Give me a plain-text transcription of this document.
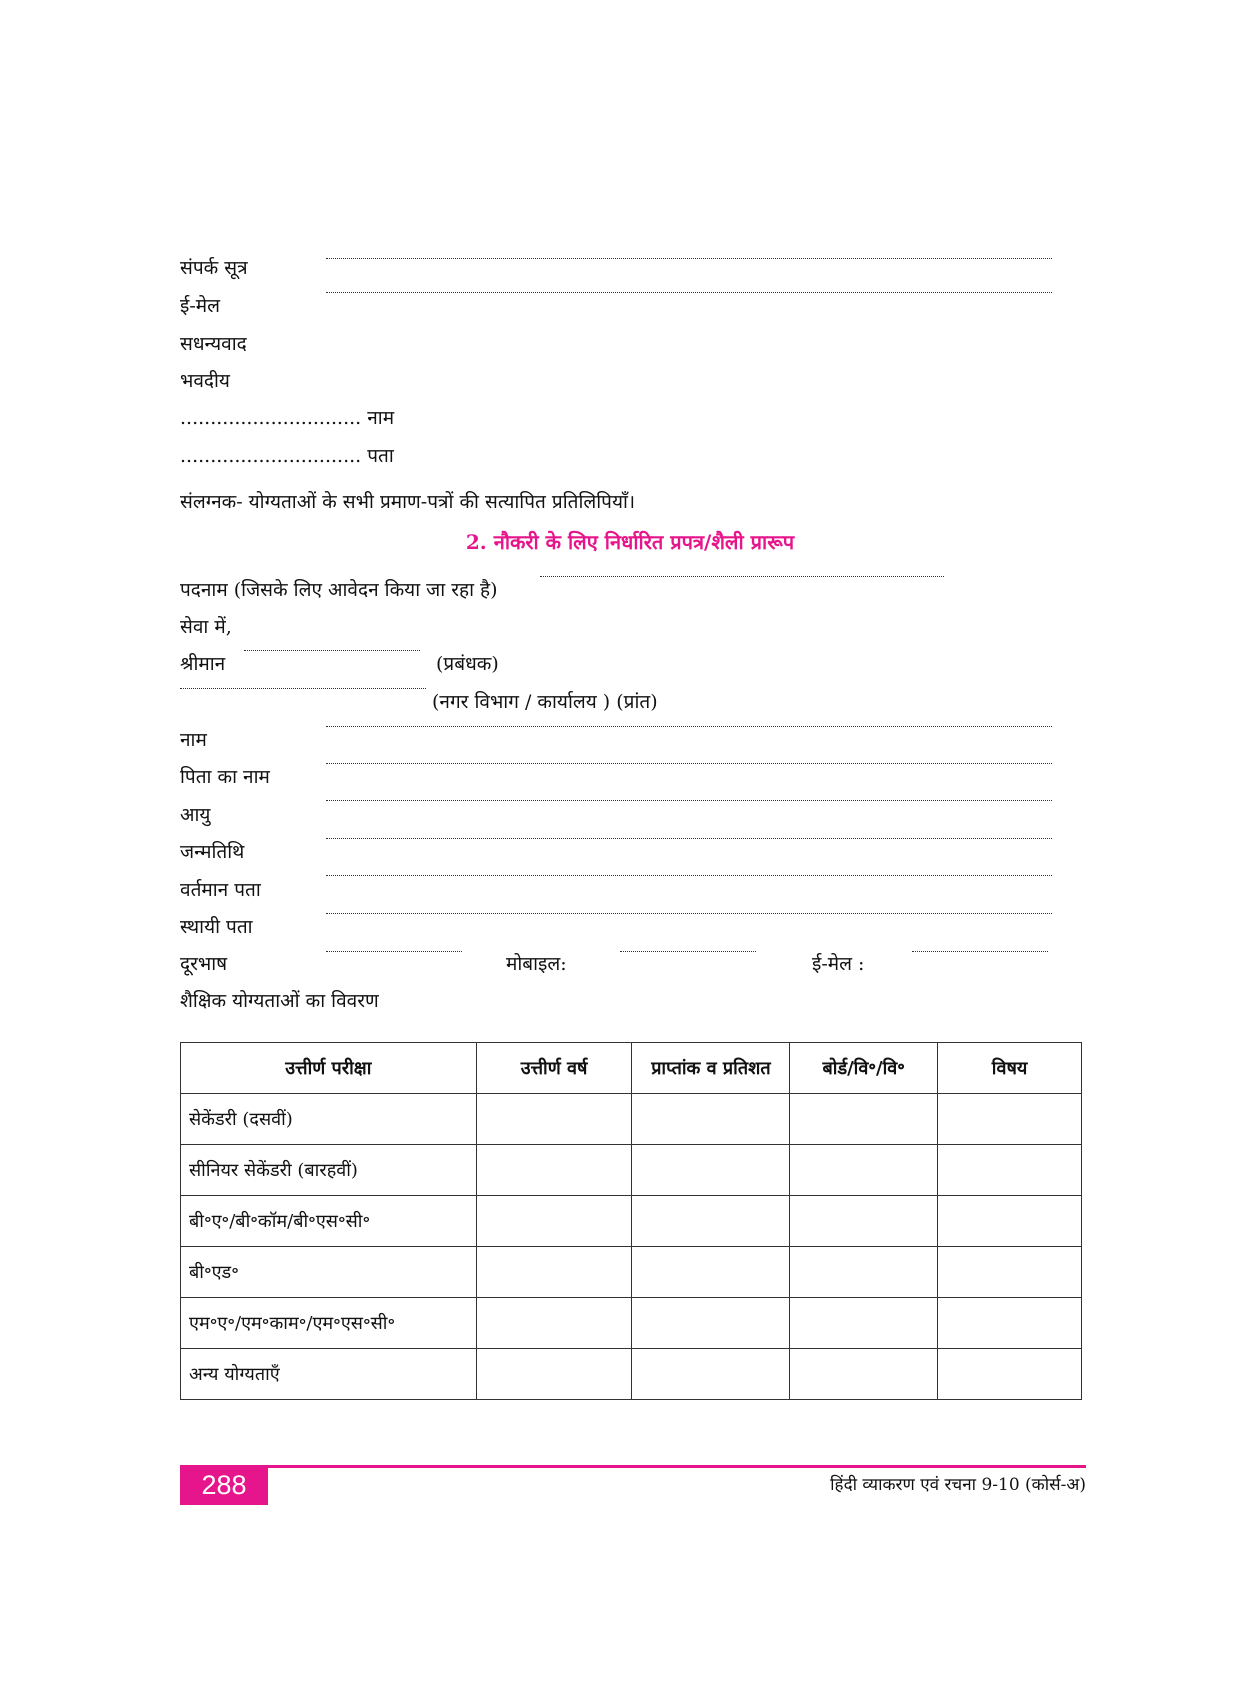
संपर्क सूत्र
ई-मेल
सधन्यवाद
भवदीय
.............................. नाम
.............................. पता
संलग्नक- योग्यताओं के सभी प्रमाण-पत्रों की सत्यापित प्रतिलिपियाँ।
2. नौकरी के लिए निर्धारित प्रपत्र/शैली प्रारूप
पदनाम (जिसके लिए आवेदन किया जा रहा है)
सेवा में,
श्रीमान	(प्रबंधक)
(नगर विभाग / कार्यालय ) (प्रांत)
नाम
पिता का नाम
आयु
जन्मतिथि
वर्तमान पता
स्थायी पता
दूरभाष	मोबाइल:	ई-मेल :
शैक्षिक योग्यताओं का विवरण
उत्तीर्ण परीक्षा	उत्तीर्ण वर्ष	प्राप्तांक व प्रतिशत	बोर्ड/वि॰/वि॰	विषय
सेकेंडरी (दसवीं)				
सीनियर सेकेंडरी (बारहवीं)				
बी॰ए॰/बी॰कॉम/बी॰एस॰सी॰				
बी॰एड॰				
एम॰ए॰/एम॰काम॰/एम॰एस॰सी॰				
अन्य योग्यताएँ				
288	हिंदी व्याकरण एवं रचना 9-10 (कोर्स-अ)
